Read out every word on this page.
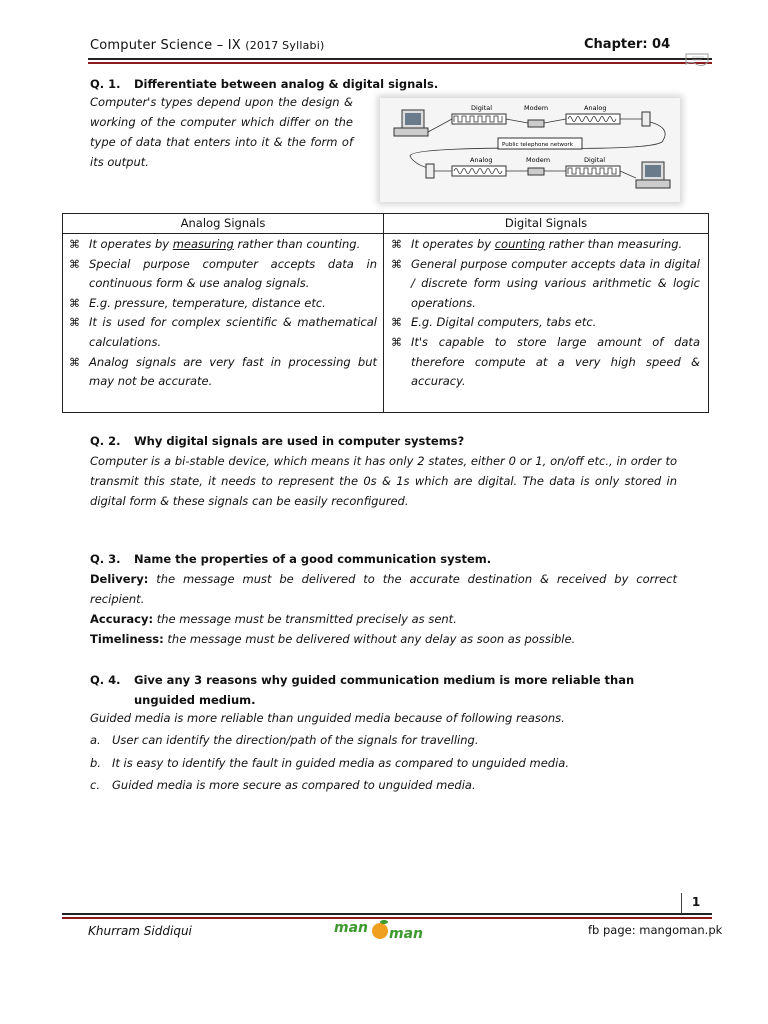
Computer Science – IX (2017 Syllabi)	Chapter: 04
Q. 1. Differentiate between analog & digital signals.
Computer's types depend upon the design & working of the computer which differ on the type of data that enters into it & the form of its output.
Digital	Modem	Analog
Public telephone network
Analog	Modem	Digital
Analog Signals	Digital Signals
⌘ It operates by measuring rather than counting.
⌘ Special purpose computer accepts data in continuous form & use analog signals.
⌘ E.g. pressure, temperature, distance etc.
⌘ It is used for complex scientific & mathematical calculations.
⌘ Analog signals are very fast in processing but may not be accurate.
⌘ It operates by counting rather than measuring.
⌘ General purpose computer accepts data in digital / discrete form using various arithmetic & logic operations.
⌘ E.g. Digital computers, tabs etc.
⌘ It's capable to store large amount of data therefore compute at a very high speed & accuracy.
Q. 2. Why digital signals are used in computer systems?
Computer is a bi-stable device, which means it has only 2 states, either 0 or 1, on/off etc., in order to transmit this state, it needs to represent the 0s & 1s which are digital. The data is only stored in digital form & these signals can be easily reconfigured.
Q. 3. Name the properties of a good communication system.
Delivery: the message must be delivered to the accurate destination & received by correct recipient.
Accuracy: the message must be transmitted precisely as sent.
Timeliness: the message must be delivered without any delay as soon as possible.
Q. 4. Give any 3 reasons why guided communication medium is more reliable than
unguided medium.
Guided media is more reliable than unguided media because of following reasons.
a. User can identify the direction/path of the signals for travelling.
b. It is easy to identify the fault in guided media as compared to unguided media.
c. Guided media is more secure as compared to unguided media.
1
Khurram Siddiqui	man man	fb page: mangoman.pk
